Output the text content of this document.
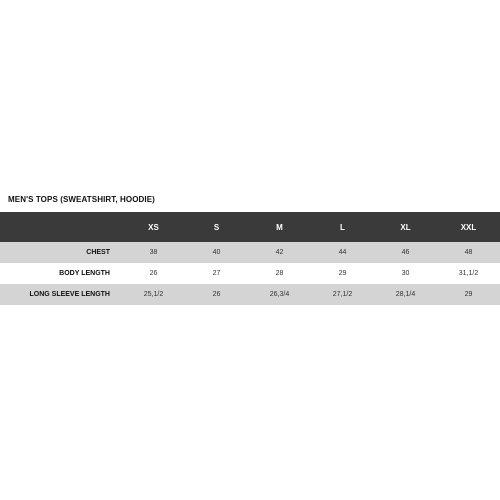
MEN'S TOPS (SWEATSHIRT, HOODIE)
	XS	S	M	L	XL	XXL
CHEST	38	40	42	44	46	48
BODY LENGTH	26	27	28	29	30	31,1/2
LONG SLEEVE LENGTH	25,1/2	26	26,3/4	27,1/2	28,1/4	29
